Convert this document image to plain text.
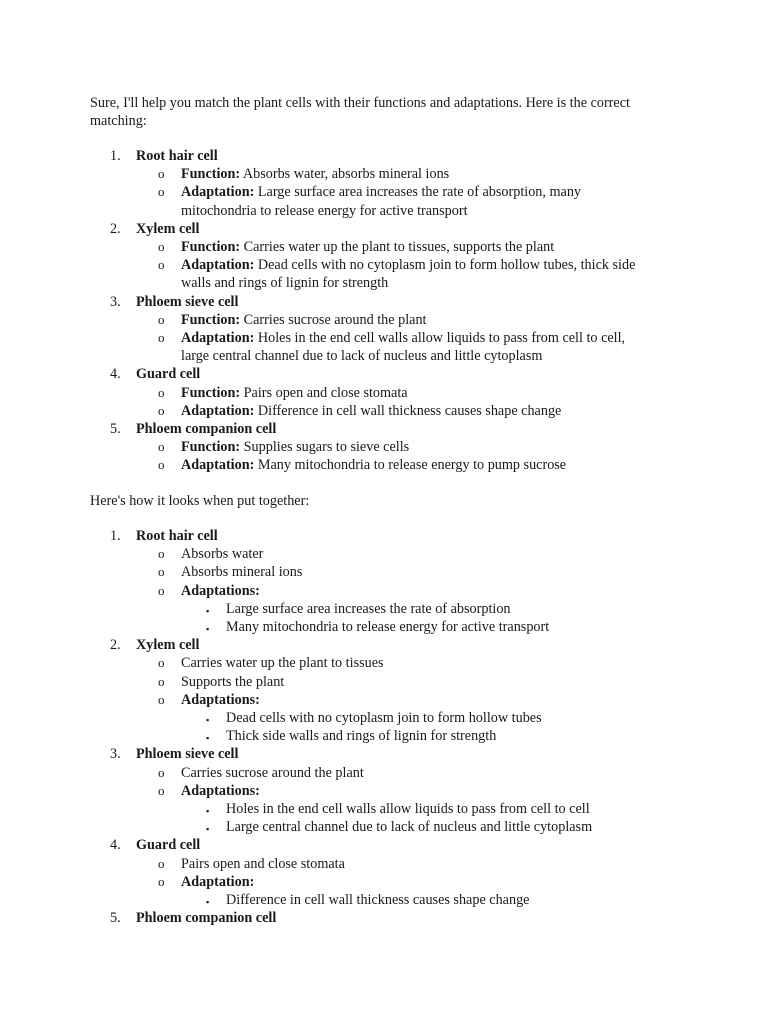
Sure, I'll help you match the plant cells with their functions and adaptations. Here is the correct matching:
1. Root hair cell

o Function: Absorbs water, absorbs mineral ions
o Adaptation: Large surface area increases the rate of absorption, many
mitochondria to release energy for active transport
2. Xylem cell

o Function: Carries water up the plant to tissues, supports the plant
o Adaptation: Dead cells with no cytoplasm join to form hollow tubes, thick side
walls and rings of lignin for strength
3. Phloem sieve cell

o Function: Carries sucrose around the plant
o Adaptation: Holes in the end cell walls allow liquids to pass from cell to cell,
large central channel due to lack of nucleus and little cytoplasm
4. Guard cell

o Function: Pairs open and close stomata
o Adaptation: Difference in cell wall thickness causes shape change
5. Phloem companion cell

o Function: Supplies sugars to sieve cells
o Adaptation: Many mitochondria to release energy to pump sucrose
Here's how it looks when put together:
1. Root hair cell

o Absorbs water
o Absorbs mineral ions
o Adaptations:
▪ Large surface area increases the rate of absorption
▪ Many mitochondria to release energy for active transport
2. Xylem cell

o Carries water up the plant to tissues
o Supports the plant
o Adaptations:
▪ Dead cells with no cytoplasm join to form hollow tubes
▪ Thick side walls and rings of lignin for strength
3. Phloem sieve cell

o Carries sucrose around the plant
o Adaptations:
▪ Holes in the end cell walls allow liquids to pass from cell to cell
▪ Large central channel due to lack of nucleus and little cytoplasm
4. Guard cell

o Pairs open and close stomata
o Adaptation:
▪ Difference in cell wall thickness causes shape change
5. Phloem companion cell
